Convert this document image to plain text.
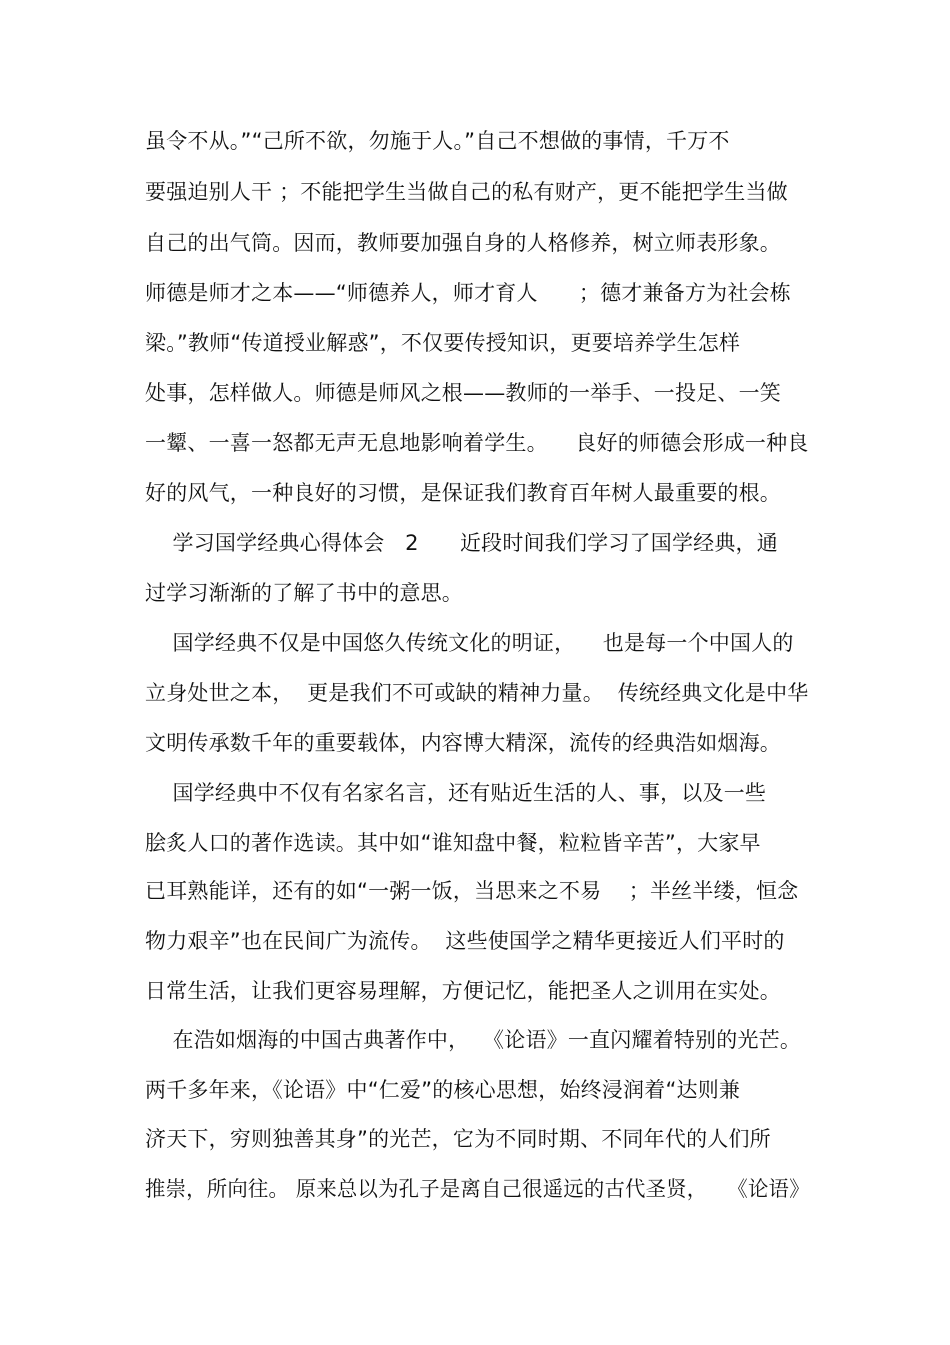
虽令不从。”“己所不欲，勿施于人。”自己不想做的事情，千万不
要强迫别人干 ；不能把学生当做自己的私有财产，更不能把学生当做
自己的出气筒。因而，教师要加强自身的人格修养，树立师表形象。
师德是师才之本——“师德养人，师才育人      ；德才兼备方为社会栋
梁。”教师“传道授业解惑”，不仅要传授知识，更要培养学生怎样
处事，怎样做人。师德是师风之根——教师的一举手、一投足、一笑
一颦、一喜一怒都无声无息地影响着学生。    良好的师德会形成一种良
好的风气，一种良好的习惯，是保证我们教育百年树人最重要的根。
学习国学经典心得体会   2      近段时间我们学习了国学经典，通
过学习渐渐的了解了书中的意思。
国学经典不仅是中国悠久传统文化的明证，    也是每一个中国人的
立身处世之本，  更是我们不可或缺的精神力量。  传统经典文化是中华
文明传承数千年的重要载体，内容博大精深，流传的经典浩如烟海。
国学经典中不仅有名家名言，还有贴近生活的人、事，以及一些
脍炙人口的著作选读。其中如“谁知盘中餐，粒粒皆辛苦”，大家早
已耳熟能详，还有的如“一粥一饭，当思来之不易    ；半丝半缕，恒念
物力艰辛”也在民间广为流传。  这些使国学之精华更接近人们平时的
日常生活，让我们更容易理解，方便记忆，能把圣人之训用在实处。
在浩如烟海的中国古典著作中，  《论语》一直闪耀着特别的光芒。
两千多年来，《论语》中“仁爱”的核心思想，始终浸润着“达则兼
济天下，穷则独善其身”的光芒，它为不同时期、不同年代的人们所
推崇，所向往。 原来总以为孔子是离自己很遥远的古代圣贤，   《论语》
